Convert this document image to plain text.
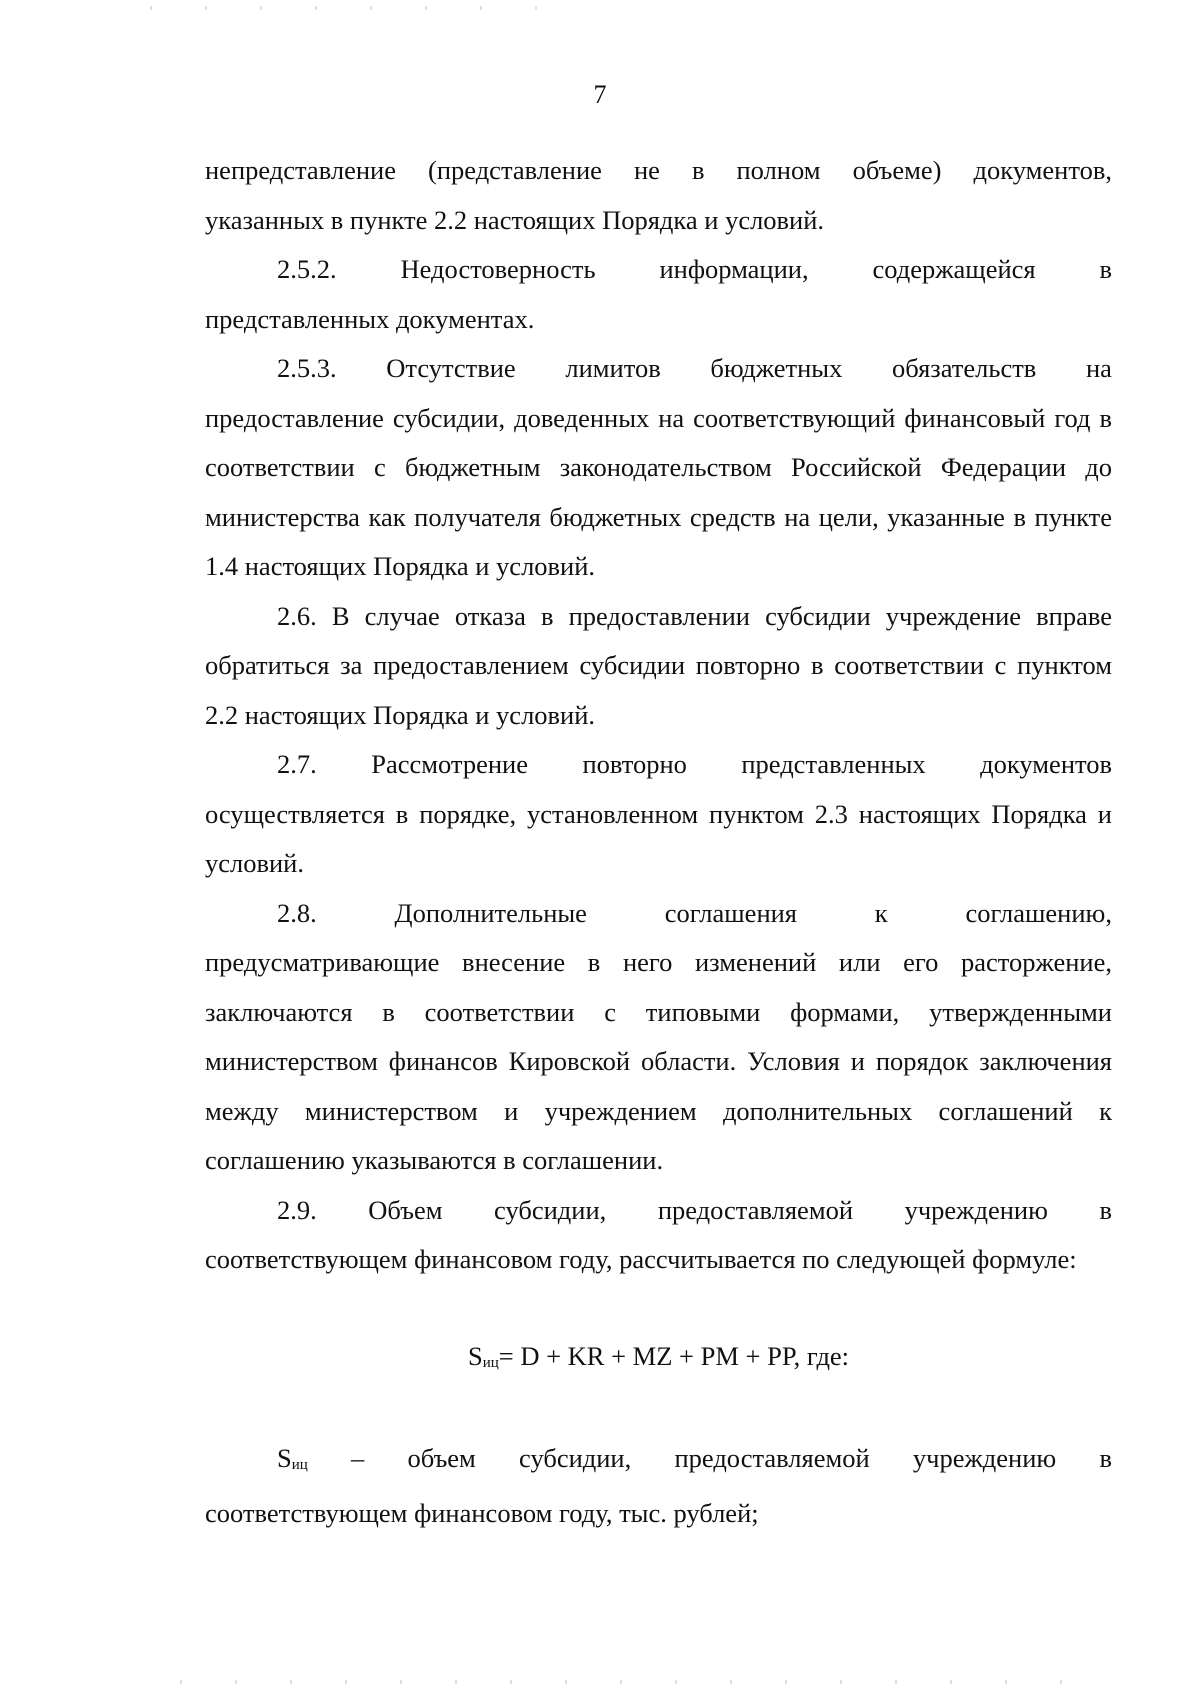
7
непредставление (представление не в полном объеме) документов,

указанных в пункте 2.2 настоящих Порядка и условий.

2.5.2. Недостоверность информации, содержащейся в

представленных документах.

2.5.3. Отсутствие лимитов бюджетных обязательств на

предоставление субсидии, доведенных на соответствующий финансовый год в соответствии с бюджетным законодательством Российской Федерации до министерства как получателя бюджетных средств на цели, указанные в пункте 1.4 настоящих Порядка и условий.

2.6. В случае отказа в предоставлении субсидии учреждение вправе обратиться за предоставлением субсидии повторно в соответствии с пунктом 2.2 настоящих Порядка и условий.

2.7. Рассмотрение повторно представленных документов

осуществляется в порядке, установленном пунктом 2.3 настоящих Порядка и условий.

2.8.	Дополнительные	соглашения	к	соглашению,

предусматривающие внесение в него изменений или его расторжение, заключаются в соответствии с типовыми формами, утвержденными министерством финансов Кировской области. Условия и порядок заключения между министерством и учреждением дополнительных соглашений к соглашению указываются в соглашении.

2.9. Объем субсидии, предоставляемой учреждению в

соответствующем финансовом году, рассчитывается по следующей формуле:

$S_{иц}= D$ + KR + MZ + PM + PP, где:
$S_{иц}$ – объем субсидии, предоставляемой учреждению в

соответствующем финансовом году, тыс. рублей;
